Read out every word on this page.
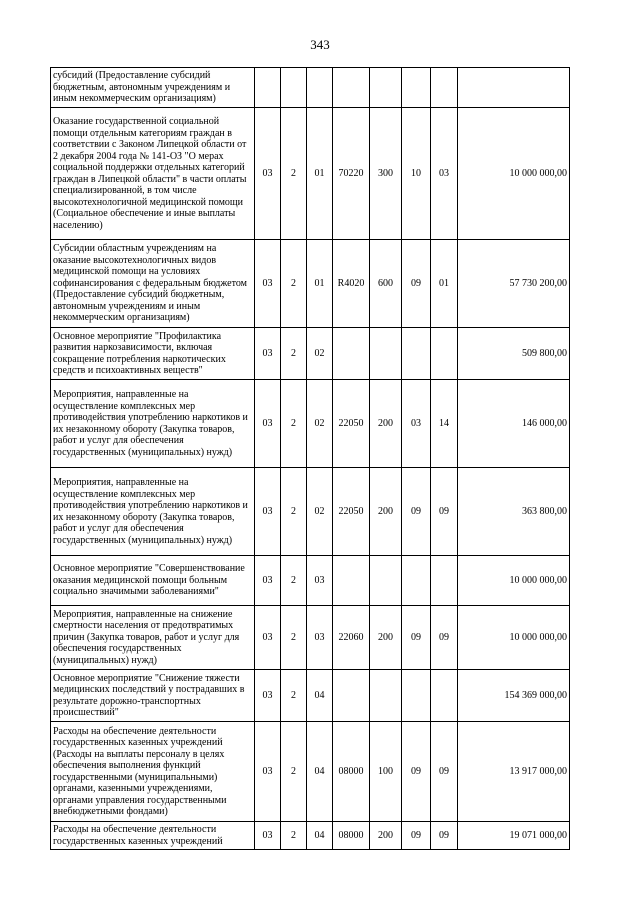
343
субсидий (Предоставление субсидий бюджетным, автономным учреждениям и иным некоммерческим организациям)								
Оказание государственной социальной помощи отдельным категориям граждан в соответствии с Законом Липецкой области от 2 декабря 2004 года № 141-ОЗ "О мерах социальной поддержки отдельных категорий граждан в Липецкой области" в части оплаты специализированной, в том числе высокотехнологичной медицинской помощи (Социальное обеспечение и иные выплаты населению)	03	2	01	70220	300	10	03	10 000 000,00
Субсидии областным учреждениям на оказание высокотехнологичных видов медицинской помощи на условиях софинансирования с федеральным бюджетом (Предоставление субсидий бюджетным, автономным учреждениям и иным некоммерческим организациям)	03	2	01	R4020	600	09	01	57 730 200,00
Основное мероприятие "Профилактика развития наркозависимости, включая сокращение потребления наркотических средств и психоактивных веществ"	03	2	02					509 800,00
Мероприятия, направленные на осуществление комплексных мер противодействия употреблению наркотиков и их незаконному обороту (Закупка товаров, работ и услуг для обеспечения государственных (муниципальных) нужд)	03	2	02	22050	200	03	14	146 000,00
Мероприятия, направленные на осуществление комплексных мер противодействия употреблению наркотиков и их незаконному обороту (Закупка товаров, работ и услуг для обеспечения государственных (муниципальных) нужд)	03	2	02	22050	200	09	09	363 800,00
Основное мероприятие "Совершенствование оказания медицинской помощи больным социально значимыми заболеваниями"	03	2	03					10 000 000,00
Мероприятия, направленные на снижение смертности населения от предотвратимых причин (Закупка товаров, работ и услуг для обеспечения государственных (муниципальных) нужд)	03	2	03	22060	200	09	09	10 000 000,00
Основное мероприятие "Снижение тяжести медицинских последствий у пострадавших в результате дорожно-транспортных происшествий"	03	2	04					154 369 000,00
Расходы на обеспечение деятельности государственных казенных учреждений (Расходы на выплаты персоналу в целях обеспечения выполнения функций государственными (муниципальными) органами, казенными учреждениями, органами управления государственными внебюджетными фондами)	03	2	04	08000	100	09	09	13 917 000,00
Расходы на обеспечение деятельности государственных казенных учреждений	03	2	04	08000	200	09	09	19 071 000,00
